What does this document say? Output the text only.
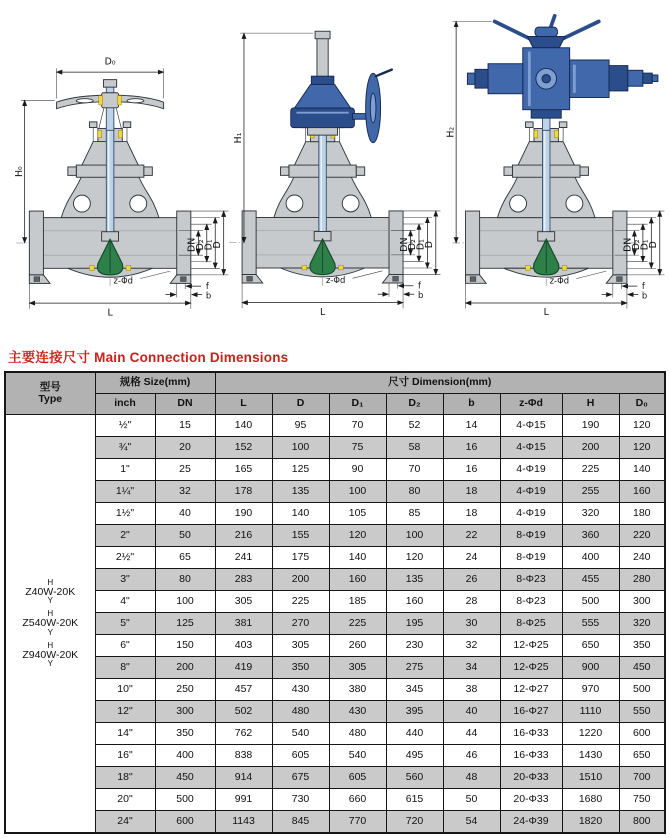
D₀
H₀
DN
D₂
D₁
D
z-Φd
L
f
b
H₁
DN
D₂
D₁
D
z-Φd
L
f
b
H₂
DN
D₂
D₁
D
z-Φd
L
f
b
主要连接尺寸 Main Connection Dimensions
型号
Type	规格 Size(mm)		尺寸 Dimension(mm)							
	inch	DN	L	D	D₁	D₂	b	z-Φd	H	D₀

H
Z40W-20K
Y
H
Z540W-20K
Y
H
Z940W-20K
Y
	½"	15	140	95	70	52	14	4-Φ15	190	120
	¾"	20	152	100	75	58	16	4-Φ15	200	120
	1"	25	165	125	90	70	16	4-Φ19	225	140
	1¼"	32	178	135	100	80	18	4-Φ19	255	160
	1½"	40	190	140	105	85	18	4-Φ19	320	180
	2"	50	216	155	120	100	22	8-Φ19	360	220
	2½"	65	241	175	140	120	24	8-Φ19	400	240
	3"	80	283	200	160	135	26	8-Φ23	455	280
	4"	100	305	225	185	160	28	8-Φ23	500	300
	5"	125	381	270	225	195	30	8-Φ25	555	320
	6"	150	403	305	260	230	32	12-Φ25	650	350
	8"	200	419	350	305	275	34	12-Φ25	900	450
	10"	250	457	430	380	345	38	12-Φ27	970	500
	12"	300	502	480	430	395	40	16-Φ27	1110	550
	14"	350	762	540	480	440	44	16-Φ33	1220	600
	16"	400	838	605	540	495	46	16-Φ33	1430	650
	18"	450	914	675	605	560	48	20-Φ33	1510	700
	20"	500	991	730	660	615	50	20-Φ33	1680	750
	24"	600	1143	845	770	720	54	24-Φ39	1820	800
